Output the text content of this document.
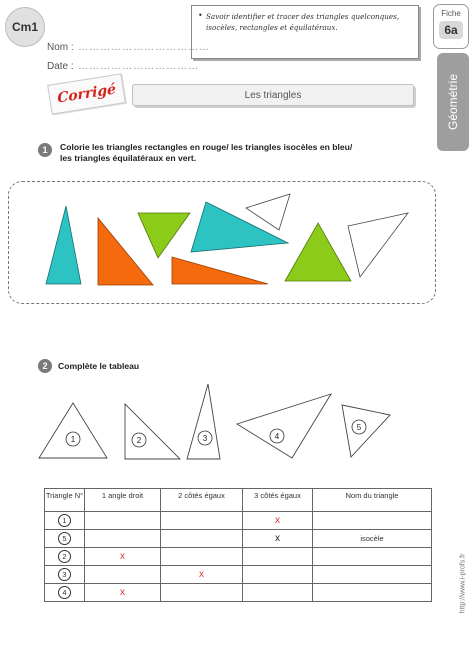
Cm1
Nom : ………………………………
Date : ……………………………
• Savoir identifier et tracer des triangles quelconques, isocèles, rectangles et équilatéraux.
Fiche
6a
Géométrie
Corrigé	Les triangles
1 Colorie les triangles rectangles en rouge/ les triangles isocèles en bleu/
les triangles équilatéraux en vert.
2 Complète le tableau
1	2	3	4
5
Triangle N°	1 angle droit	2 côtés égaux	3 côtés égaux	Nom du triangle
1			x	
5			x	isocèle
2	x			
3		x		
4	x				http://www.i-profs.fr
